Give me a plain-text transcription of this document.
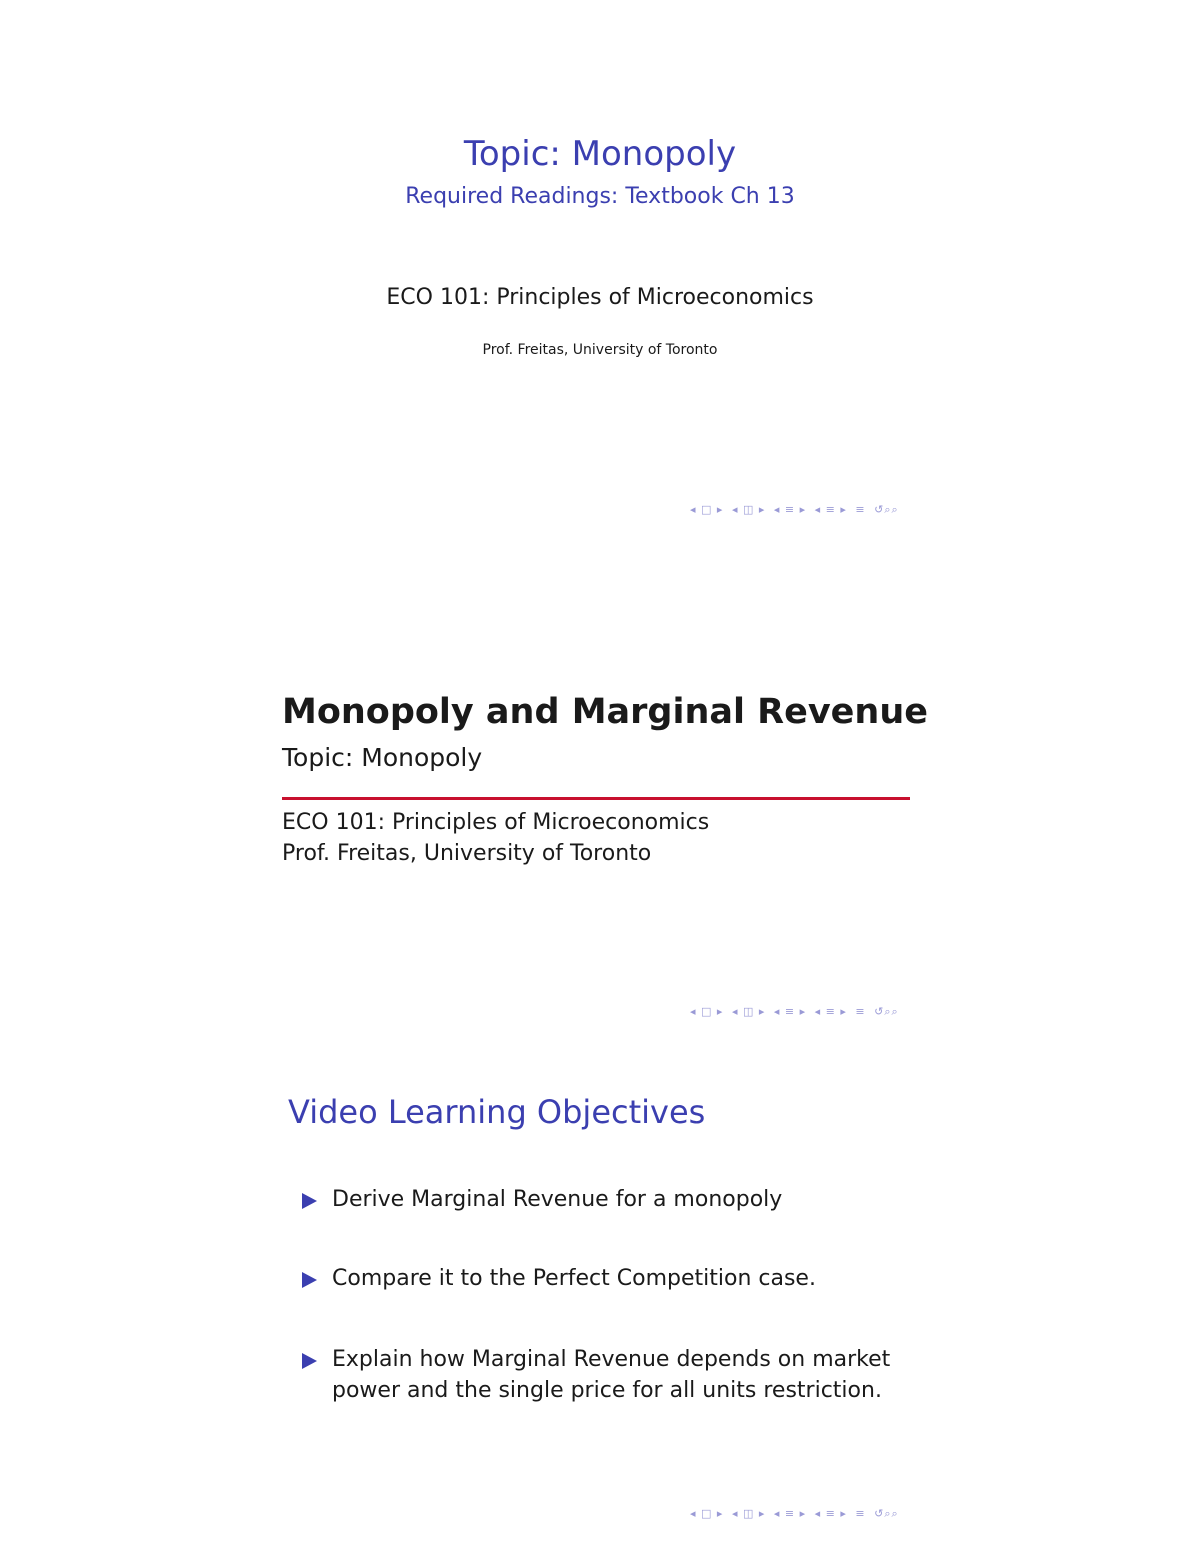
Topic: Monopoly
Required Readings: Textbook Ch 13
ECO 101: Principles of Microeconomics
Prof. Freitas, University of Toronto
◂ □ ▸ ◂ ◫ ▸ ◂ ≡ ▸ ◂ ≡ ▸ ≡ ↺⌕⌕
Monopoly and Marginal Revenue
Topic: Monopoly
ECO 101: Principles of Microeconomics
Prof. Freitas, University of Toronto
◂ □ ▸ ◂ ◫ ▸ ◂ ≡ ▸ ◂ ≡ ▸ ≡ ↺⌕⌕
Video Learning Objectives
Derive Marginal Revenue for a monopoly
Compare it to the Perfect Competition case.
Explain how Marginal Revenue depends on market power and the single price for all units restriction.
◂ □ ▸ ◂ ◫ ▸ ◂ ≡ ▸ ◂ ≡ ▸ ≡ ↺⌕⌕
